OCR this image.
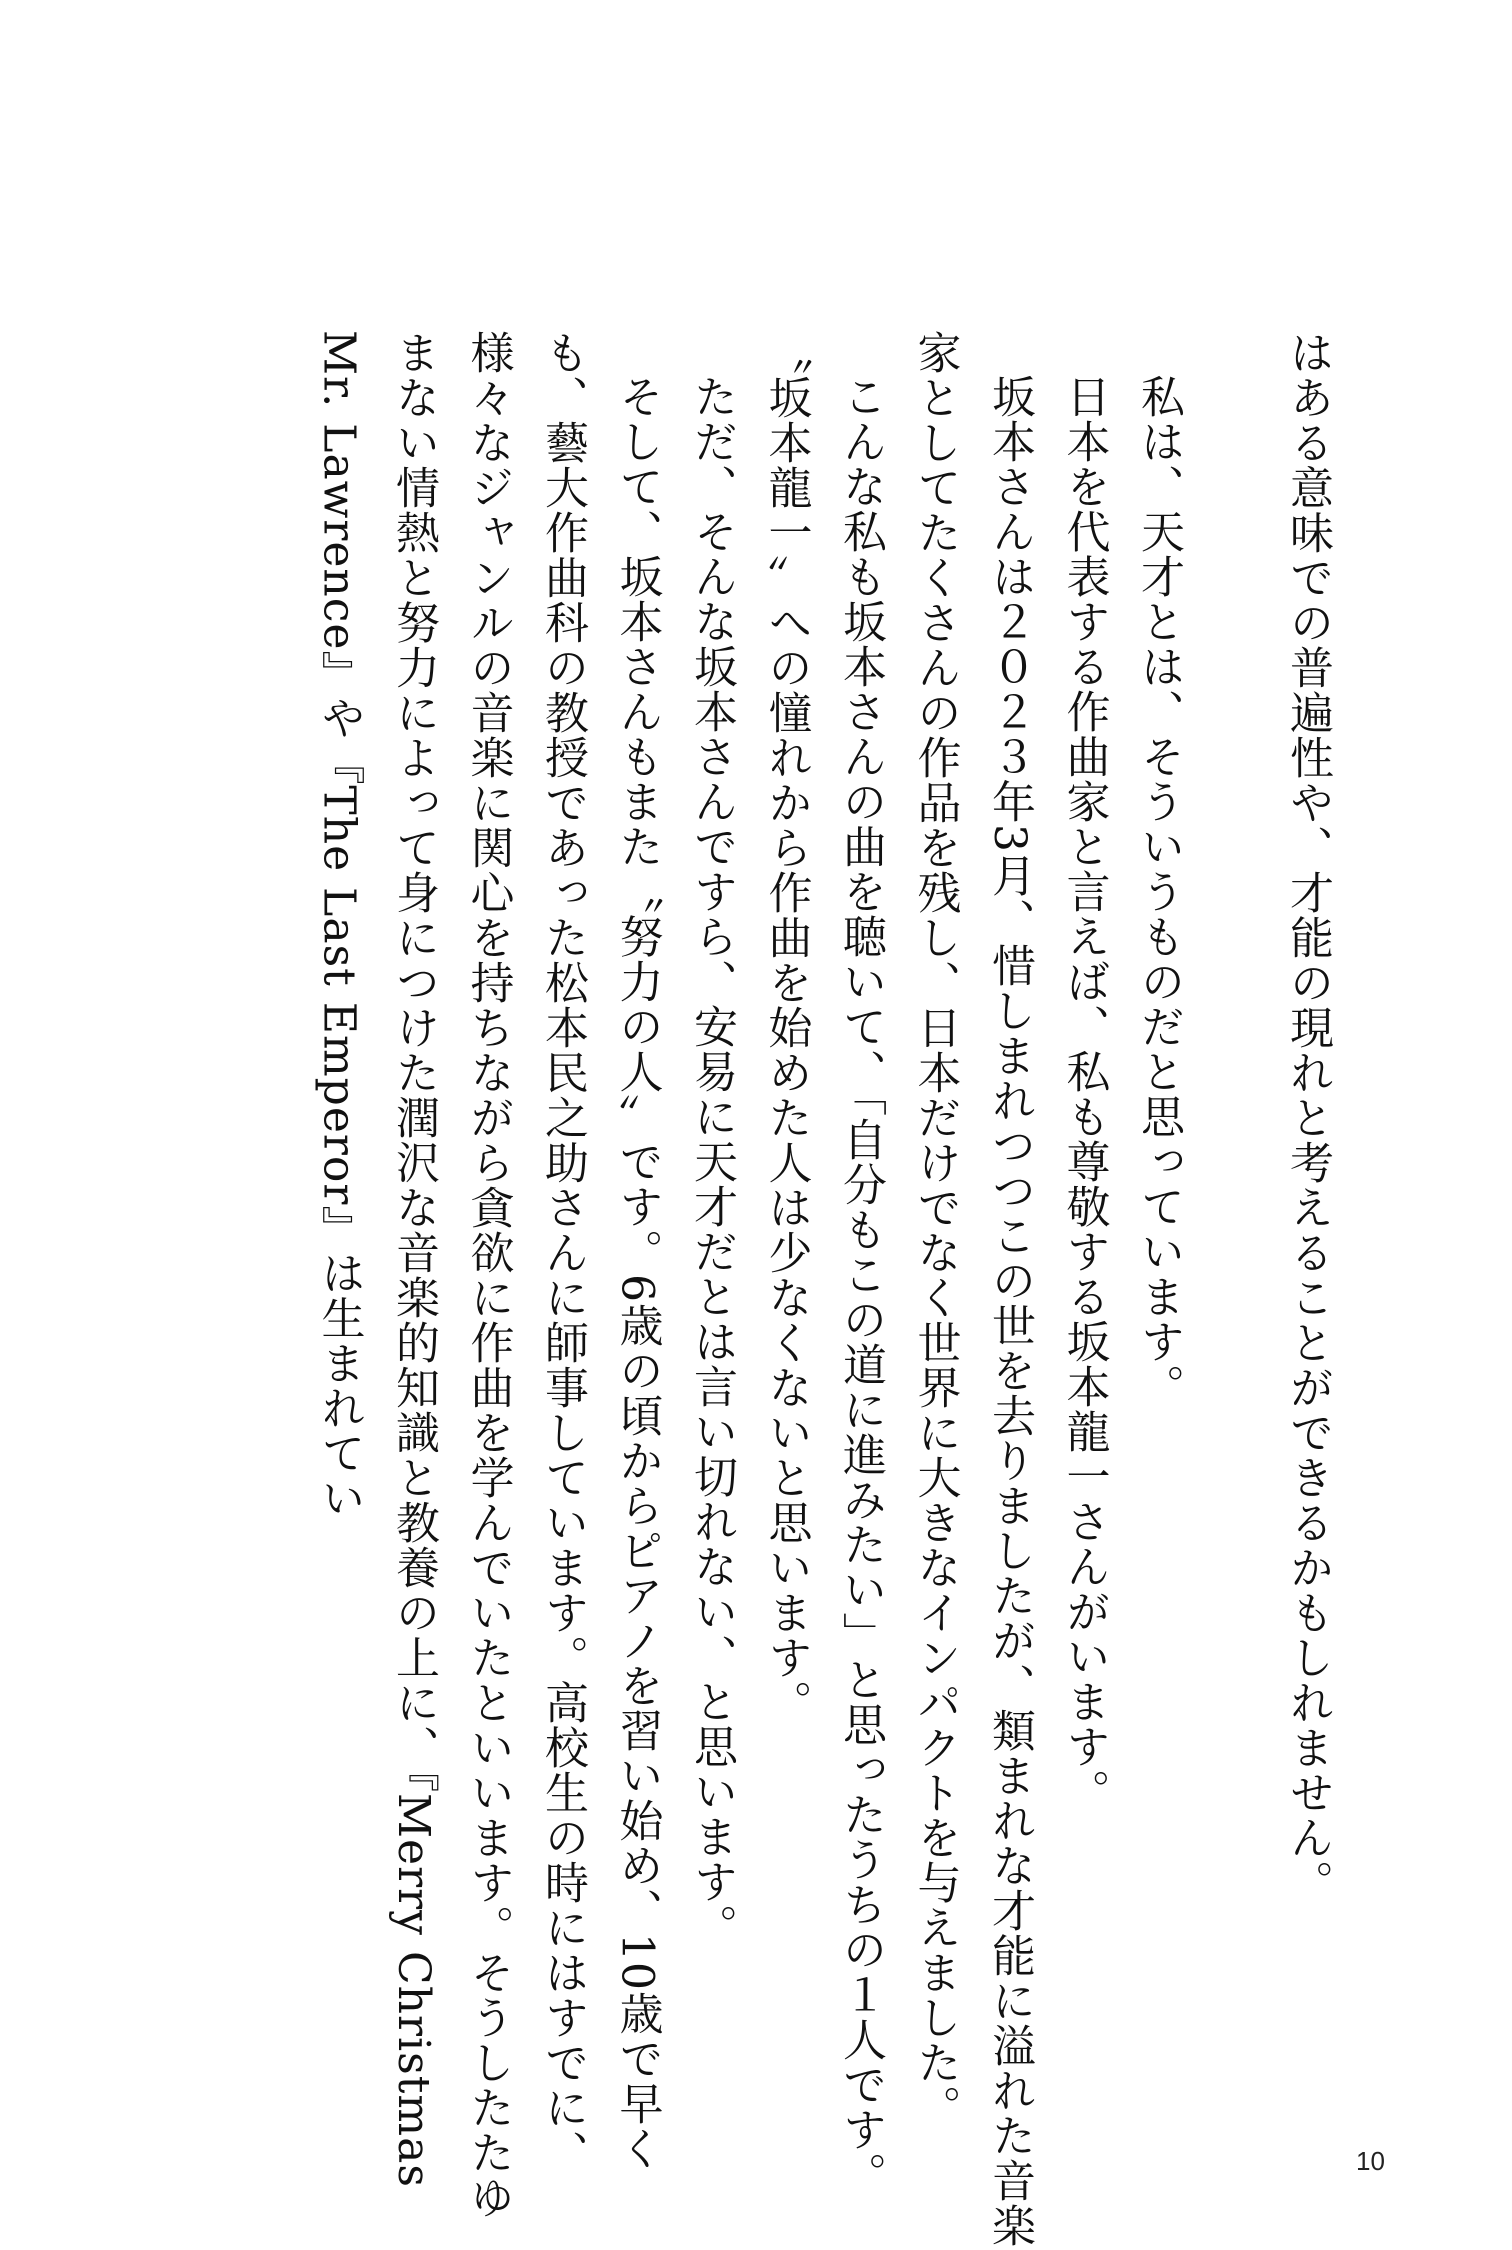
はある意味での普遍性や、才能の現れと考えることができるかもしれません。

私は、天才とは、そういうものだと思っています。

日本を代表する作曲家と言えば、私も尊敬する坂本龍一さんがいます。

坂本さんは２０２３年3月、惜しまれつつこの世を去りましたが、類まれな才能に溢れた音楽家としてたくさんの作品を残し、日本だけでなく世界に大きなインパクトを与えました。

こんな私も坂本さんの曲を聴いて、「自分もこの道に進みたい」と思ったうちの１人です。〝坂本龍一〟への憧れから作曲を始めた人は少なくないと思います。

ただ、そんな坂本さんですら、安易に天才だとは言い切れない、と思います。

そして、坂本さんもまた〝努力の人〟です。6歳の頃からピアノを習い始め、10歳で早くも、藝大作曲科の教授であった松本民之助さんに師事しています。高校生の時にはすでに、様々なジャンルの音楽に関心を持ちながら貪欲に作曲を学んでいたといいます。そうしたたゆまない情熱と努力によって身につけた潤沢な音楽的知識と教養の上に、『Merry Christmas Mr. Lawrence』や『The Last Emperor』は生まれてい

10
